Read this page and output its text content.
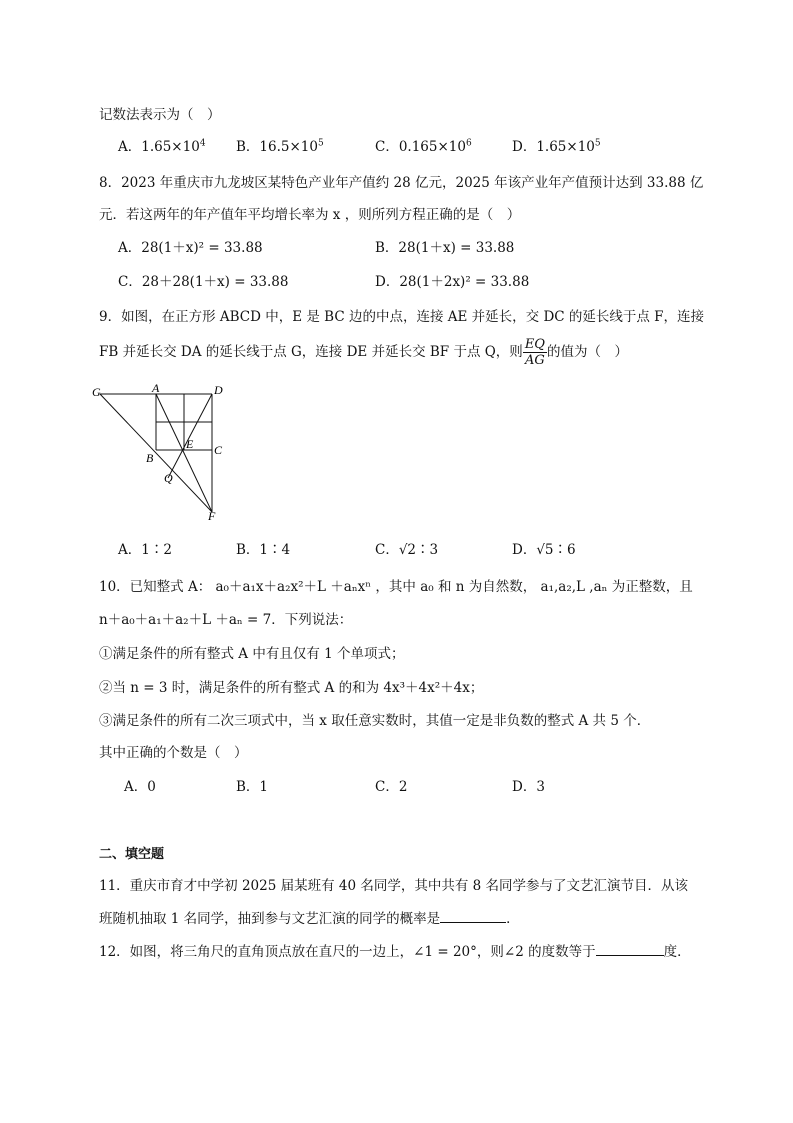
记数法表示为（　）
A．$1.65\times 10^4$ B．$16.5\times 10^5$	C．$0.165\times 10^6$	D．$1.65\times 10^5$
8．2023 年重庆市九龙坡区某特色产业年产值约 28 亿元，2025 年该产业年产值预计达到 33.88 亿
元．若这两年的年产值年平均增长率为 x ，则所列方程正确的是（　）
A．28(1＋x)² = 33.88	B．28(1＋x) = 33.88
C．28＋28(1＋x) = 33.88	D．28(1＋2x)² = 33.88
9．如图，在正方形 ABCD 中，E 是 BC 边的中点，连接 AE 并延长，交 DC 的延长线于点 F，连接
FB 并延长交 DA 的延长线于点 G，连接 DE 并延长交 BF 于点 Q，则 $\frac{EQ}{AG}$ 的值为（　）
G	A	D
E C
B
Q
F
A．1∶2	B．1∶4	C．√2∶3	D．√5∶6
10．已知整式 A： a₀＋a₁x＋a₂x²＋L ＋aₙxⁿ ，其中 a₀ 和 n 为自然数， a₁,a₂,L ,aₙ 为正整数，且
n＋a₀＋a₁＋a₂＋L ＋aₙ = 7．下列说法：
①满足条件的所有整式 A 中有且仅有 1 个单项式；
②当 n = 3 时，满足条件的所有整式 A 的和为 4x³＋4x²＋4x；
③满足条件的所有二次三项式中，当 x 取任意实数时，其值一定是非负数的整式 A 共 5 个．
其中正确的个数是（　）
A．0	B．1	C．2	D．3
二、填空题
11．重庆市育才中学初 2025 届某班有 40 名同学，其中共有 8 名同学参与了文艺汇演节目．从该
班随机抽取 1 名同学，抽到参与文艺汇演的同学的概率是	．
12．如图，将三角尺的直角顶点放在直尺的一边上，∠1 = 20°，则∠2 的度数等于	度．
